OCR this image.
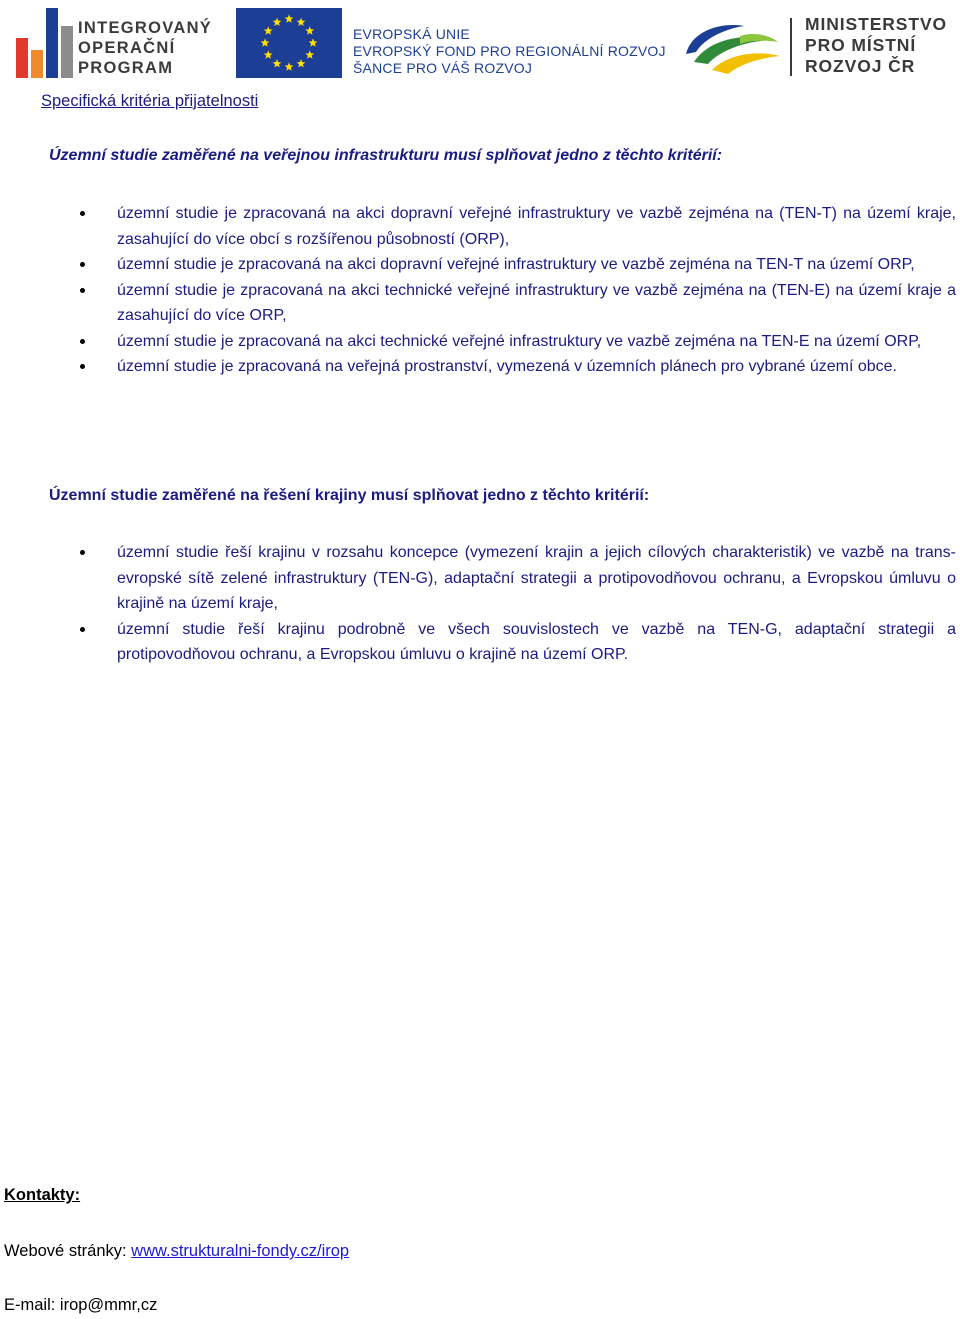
INTEGROVANÝ
OPERAČNÍ
PROGRAM
EVROPSKÁ UNIE
EVROPSKÝ FOND PRO REGIONÁLNÍ ROZVOJ
ŠANCE PRO VÁŠ ROZVOJ
MINISTERSTVO
PRO MÍSTNÍ
ROZVOJ ČR
Specifická kritéria přijatelnosti
Územní studie zaměřené na veřejnou infrastrukturu musí splňovat jedno z těchto kritérií:
územní studie je zpracovaná na akci dopravní veřejné infrastruktury ve vazbě zejména na (TEN-T) na území kraje, zasahující do více obcí s rozšířenou působností (ORP),
územní studie je zpracovaná na akci dopravní veřejné infrastruktury ve vazbě zejména na TEN-T na území ORP,
územní studie je zpracovaná na akci technické veřejné infrastruktury ve vazbě zejména na (TEN-E) na území kraje a zasahující do více ORP,
územní studie je zpracovaná na akci technické veřejné infrastruktury ve vazbě zejména na TEN-E na území ORP,
územní studie je zpracovaná na veřejná prostranství, vymezená v územních plánech pro vybrané území obce.
Územní studie zaměřené na řešení krajiny musí splňovat jedno z těchto kritérií:
územní studie řeší krajinu v rozsahu koncepce (vymezení krajin a jejich cílových charakteristik) ve vazbě na trans-evropské sítě zelené infrastruktury (TEN-G), adaptační strategii a protipovodňovou ochranu, a Evropskou úmluvu o krajině na území kraje,
územní studie řeší krajinu podrobně ve všech souvislostech ve vazbě na TEN-G, adaptační strategii a protipovodňovou ochranu, a Evropskou úmluvu o krajině na území ORP.
Kontakty:
Webové stránky: www.strukturalni-fondy.cz/irop
E-mail: irop@mmr,cz
